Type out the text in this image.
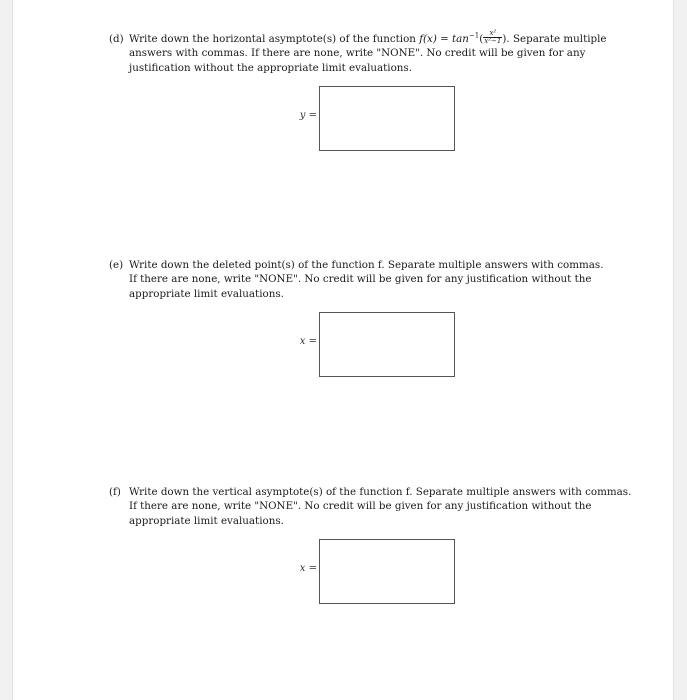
(d) Write down the horizontal asymptote(s) of the function $f(x) = \tan^{-1}( \frac{\text{x²}}{\text{x²−1}}$ ). Separate multiple
answers with commas. If there are none, write "NONE". No credit will be given for any
justification without the appropriate limit evaluations.
y =
(e) Write down the deleted point(s) of the function f. Separate multiple answers with commas.
If there are none, write "NONE". No credit will be given for any justification without the
appropriate limit evaluations.
x =
(f) Write down the vertical asymptote(s) of the function f. Separate multiple answers with commas.
If there are none, write "NONE". No credit will be given for any justification without the
appropriate limit evaluations.
x =
